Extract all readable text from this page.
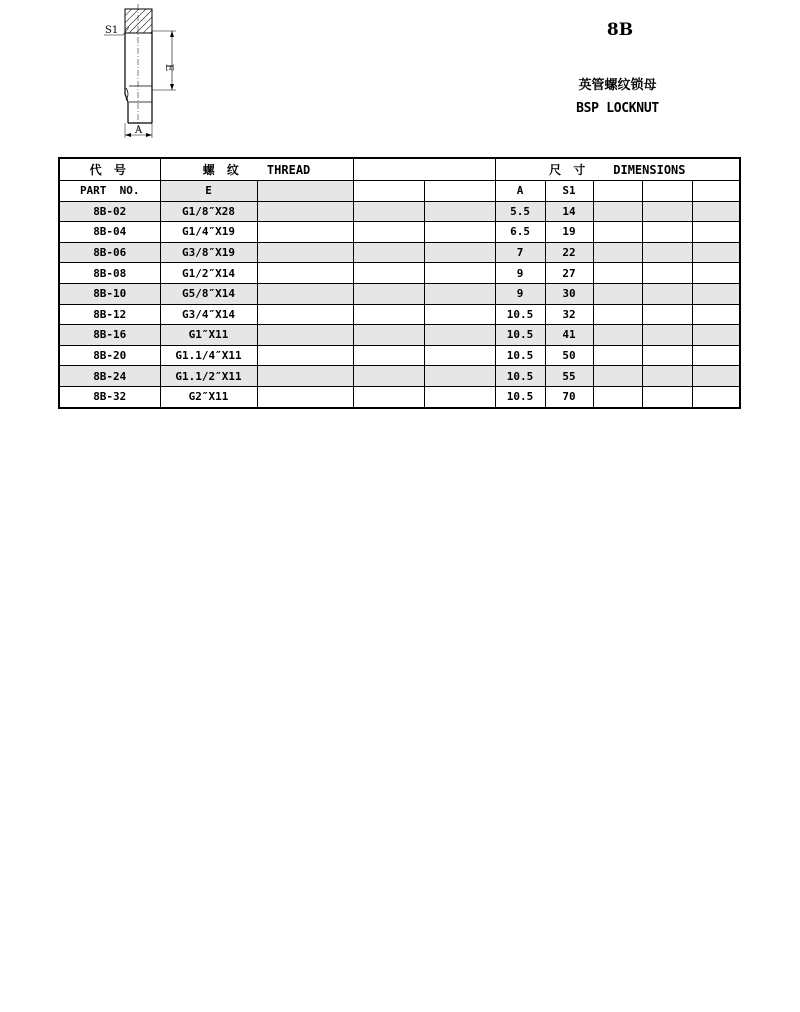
S1
E
A
8B
英管螺纹锁母
BSP LOCKNUT
代 号	螺 纹 THREAD				尺 寸 DIMENSIONS				
PART  NO.	E				A	S1			
8B-02	G1/8″X28				5.5	14			
8B-04	G1/4″X19				6.5	19			
8B-06	G3/8″X19				7	22			
8B-08	G1/2″X14				9	27			
8B-10	G5/8″X14				9	30			
8B-12	G3/4″X14				10.5	32			
8B-16	G1″X11				10.5	41			
8B-20	G1.1/4″X11				10.5	50			
8B-24	G1.1/2″X11				10.5	55			
8B-32	G2″X11				10.5	70			
